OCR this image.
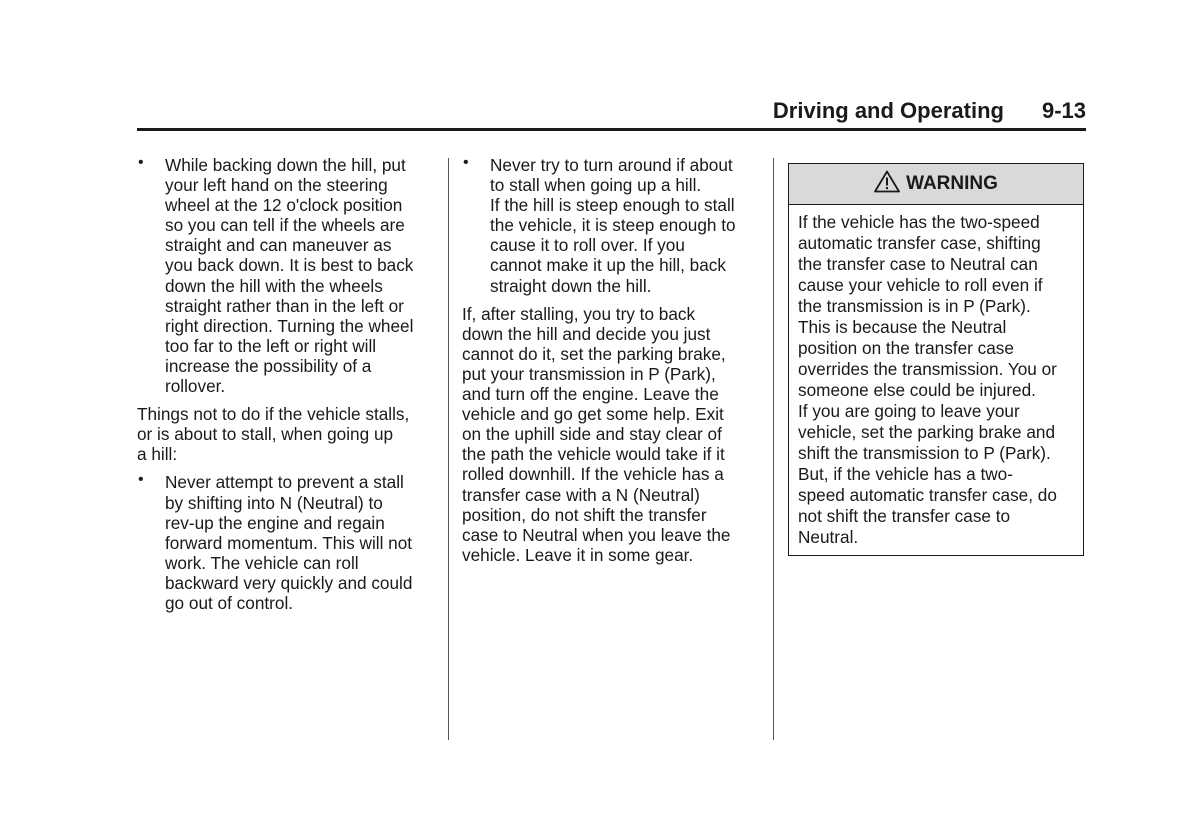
Driving and Operating 9-13
• While backing down the hill, put
your left hand on the steering
wheel at the 12 o'clock position
so you can tell if the wheels are
straight and can maneuver as
you back down. It is best to back
down the hill with the wheels
straight rather than in the left or
right direction. Turning the wheel
too far to the left or right will
increase the possibility of a
rollover.
Things not to do if the vehicle stalls,
or is about to stall, when going up
a hill:
• Never attempt to prevent a stall
by shifting into N (Neutral) to
rev-up the engine and regain
forward momentum. This will not
work. The vehicle can roll
backward very quickly and could
go out of control.
• Never try to turn around if about
to stall when going up a hill.
If the hill is steep enough to stall
the vehicle, it is steep enough to
cause it to roll over. If you
cannot make it up the hill, back
straight down the hill.
If, after stalling, you try to back
down the hill and decide you just
cannot do it, set the parking brake,
put your transmission in P (Park),
and turn off the engine. Leave the
vehicle and go get some help. Exit
on the uphill side and stay clear of
the path the vehicle would take if it
rolled downhill. If the vehicle has a
transfer case with a N (Neutral)
position, do not shift the transfer
case to Neutral when you leave the
vehicle. Leave it in some gear.
WARNING
If the vehicle has the two-speed
automatic transfer case, shifting
the transfer case to Neutral can
cause your vehicle to roll even if
the transmission is in P (Park).
This is because the Neutral
position on the transfer case
overrides the transmission. You or
someone else could be injured.
If you are going to leave your
vehicle, set the parking brake and
shift the transmission to P (Park).
But, if the vehicle has a two-
speed automatic transfer case, do
not shift the transfer case to
Neutral.
